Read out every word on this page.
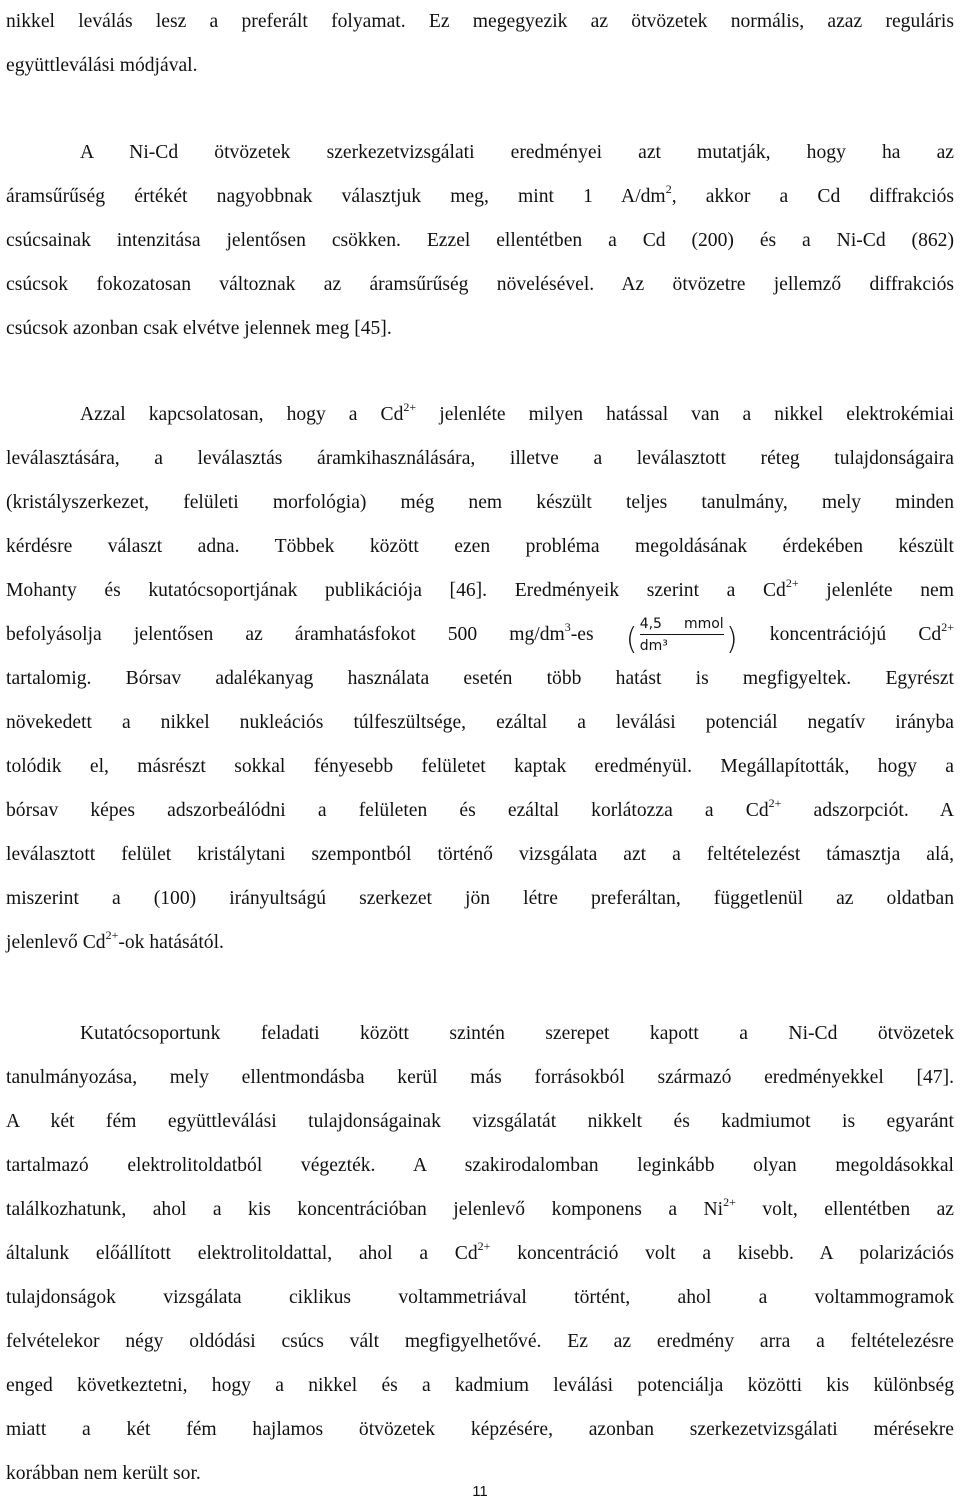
nikkel leválás lesz a preferált folyamat. Ez megegyezik az ötvözetek normális, azaz reguláris
együttleválási módjával.
A Ni-Cd ötvözetek szerkezetvizsgálati eredményei azt mutatják, hogy ha az
áramsűrűség értékét nagyobbnak választjuk meg, mint 1 $A/dm^2$, akkor a Cd diffrakciós
csúcsainak intenzitása jelentősen csökken. Ezzel ellentétben a Cd (200) és a Ni-Cd (862)
csúcsok fokozatosan változnak az áramsűrűség növelésével. Az ötvözetre jellemző diffrakciós
csúcsok azonban csak elvétve jelennek meg [45].
Azzal kapcsolatosan, hogy a $Cd^{2+}$ jelenléte milyen hatással van a nikkel elektrokémiai
leválasztására, a leválasztás áramkihasználására, illetve a leválasztott réteg tulajdonságaira
(kristályszerkezet, felületi morfológia) még nem készült teljes tanulmány, mely minden
kérdésre választ adna. Többek között ezen probléma megoldásának érdekében készült
Mohanty és kutatócsoportjának publikációja [46]. Eredményeik szerint a $Cd^{2+}$ jelenléte nem
befolyásolja jelentősen az áramhatásfokot 500 $mg/dm^3-es$ ( 4,5 mmol
dm³	) koncentrációjú $Cd^{2+}$
tartalomig. Bórsav adalékanyag használata esetén több hatást is megfigyeltek. Egyrészt
növekedett a nikkel nukleációs túlfeszültsége, ezáltal a leválási potenciál negatív irányba
tolódik el, másrészt sokkal fényesebb felületet kaptak eredményül. Megállapították, hogy a
bórsav képes adszorbeálódni a felületen és ezáltal korlátozza a $Cd^{2+}$ adszorpciót. A
leválasztott felület kristálytani szempontból történő vizsgálata azt a feltételezést támasztja alá,
miszerint a (100) irányultságú szerkezet jön létre preferáltan, függetlenül az oldatban
jelenlevő $Cd^{2+}-ok$ hatásától.
Kutatócsoportunk feladati között szintén szerepet kapott a Ni-Cd ötvözetek
tanulmányozása, mely ellentmondásba kerül más forrásokból származó eredményekkel [47].
A két fém együttleválási tulajdonságainak vizsgálatát nikkelt és kadmiumot is egyaránt
tartalmazó elektrolitoldatból végezték. A szakirodalomban leginkább olyan megoldásokkal
találkozhatunk, ahol a kis koncentrációban jelenlevő komponens a $Ni^{2+}$ volt, ellentétben az
általunk előállított elektrolitoldattal, ahol a $Cd^{2+}$ koncentráció volt a kisebb. A polarizációs
tulajdonságok vizsgálata ciklikus voltammetriával történt, ahol a voltammogramok
felvételekor négy oldódási csúcs vált megfigyelhetővé. Ez az eredmény arra a feltételezésre
enged következtetni, hogy a nikkel és a kadmium leválási potenciálja közötti kis különbség
miatt a két fém hajlamos ötvözetek képzésére, azonban szerkezetvizsgálati mérésekre
korábban nem került sor.
11
